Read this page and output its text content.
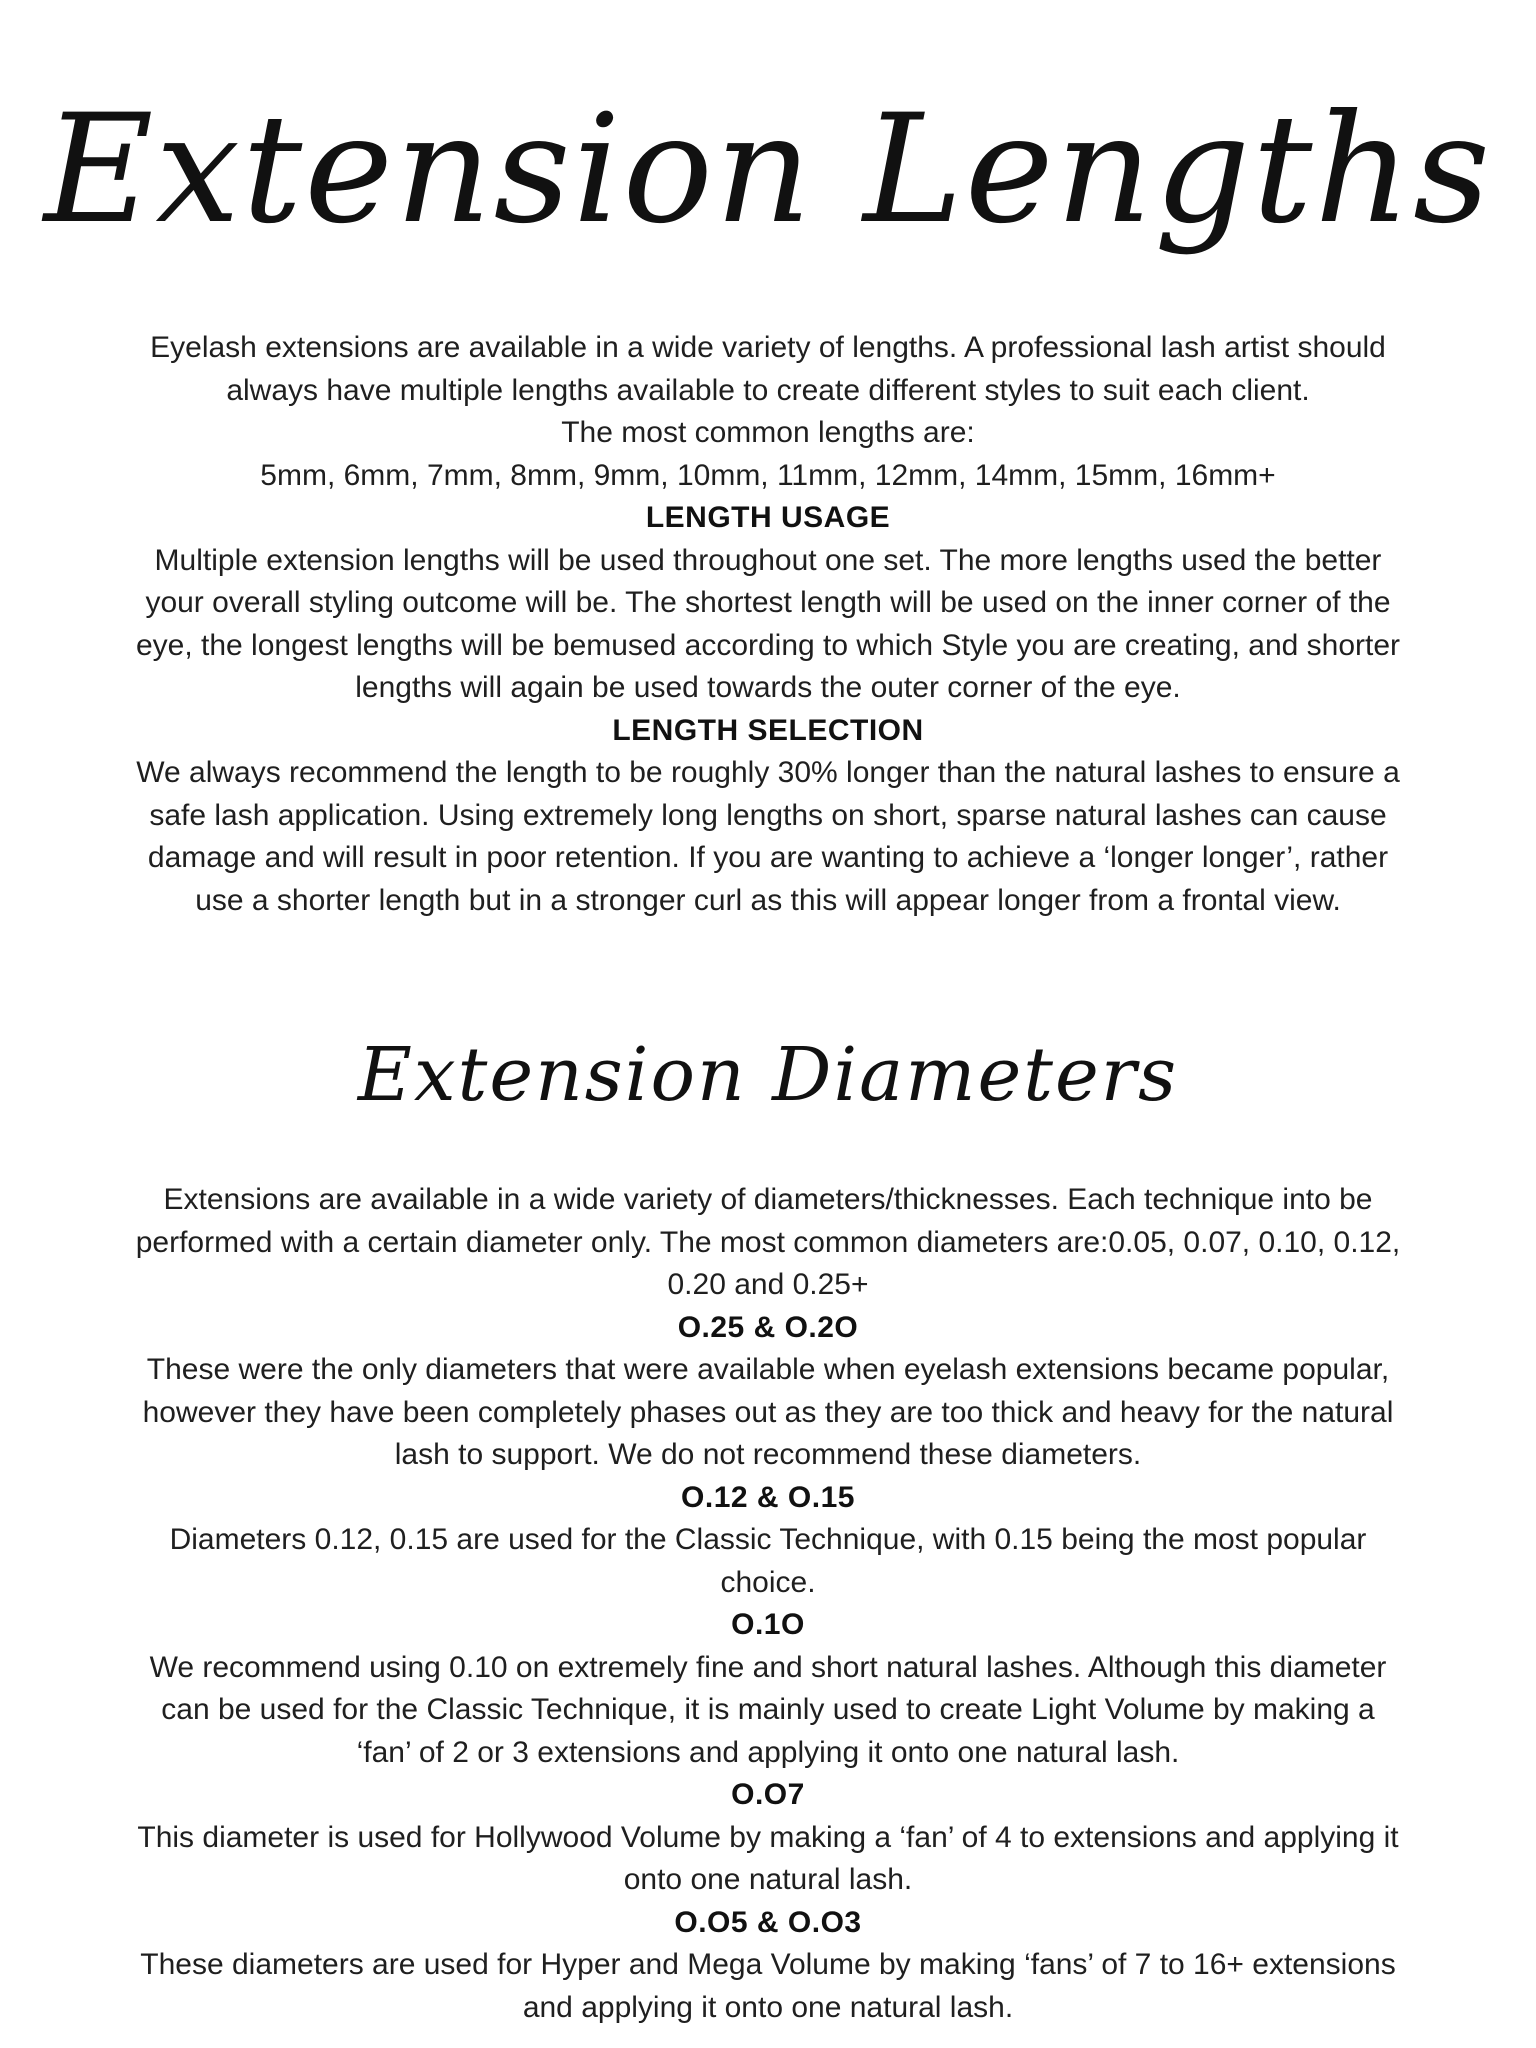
Extension Lengths

Eyelash extensions are available in a wide variety of lengths. A professional lash artist should always have multiple lengths available to create different styles to suit each client.

The most common lengths are:

5mm, 6mm, 7mm, 8mm, 9mm, 10mm, 11mm, 12mm, 14mm, 15mm, 16mm+

LENGTH USAGE

Multiple extension lengths will be used throughout one set. The more lengths used the better your overall styling outcome will be. The shortest length will be used on the inner corner of the eye, the longest lengths will be bemused according to which Style you are creating, and shorter lengths will again be used towards the outer corner of the eye.

LENGTH SELECTION

We always recommend the length to be roughly 30% longer than the natural lashes to ensure a safe lash application. Using extremely long lengths on short, sparse natural lashes can cause damage and will result in poor retention. If you are wanting to achieve a ‘longer longer’, rather use a shorter length but in a stronger curl as this will appear longer from a frontal view.

Extension Diameters

Extensions are available in a wide variety of diameters/thicknesses. Each technique into be performed with a certain diameter only. The most common diameters are:0.05, 0.07, 0.10, 0.12, 0.20 and 0.25+

O.25 & O.2O

These were the only diameters that were available when eyelash extensions became popular, however they have been completely phases out as they are too thick and heavy for the natural lash to support. We do not recommend these diameters.

O.12 & O.15

Diameters 0.12, 0.15 are used for the Classic Technique, with 0.15 being the most popular choice.

O.1O

We recommend using 0.10 on extremely fine and short natural lashes. Although this diameter can be used for the Classic Technique, it is mainly used to create Light Volume by making a ‘fan’ of 2 or 3 extensions and applying it onto one natural lash.

O.O7

This diameter is used for Hollywood Volume by making a ‘fan’ of 4 to extensions and applying it onto one natural lash.

O.O5 & O.O3

These diameters are used for Hyper and Mega Volume by making ‘fans’ of 7 to 16+ extensions and applying it onto one natural lash.
